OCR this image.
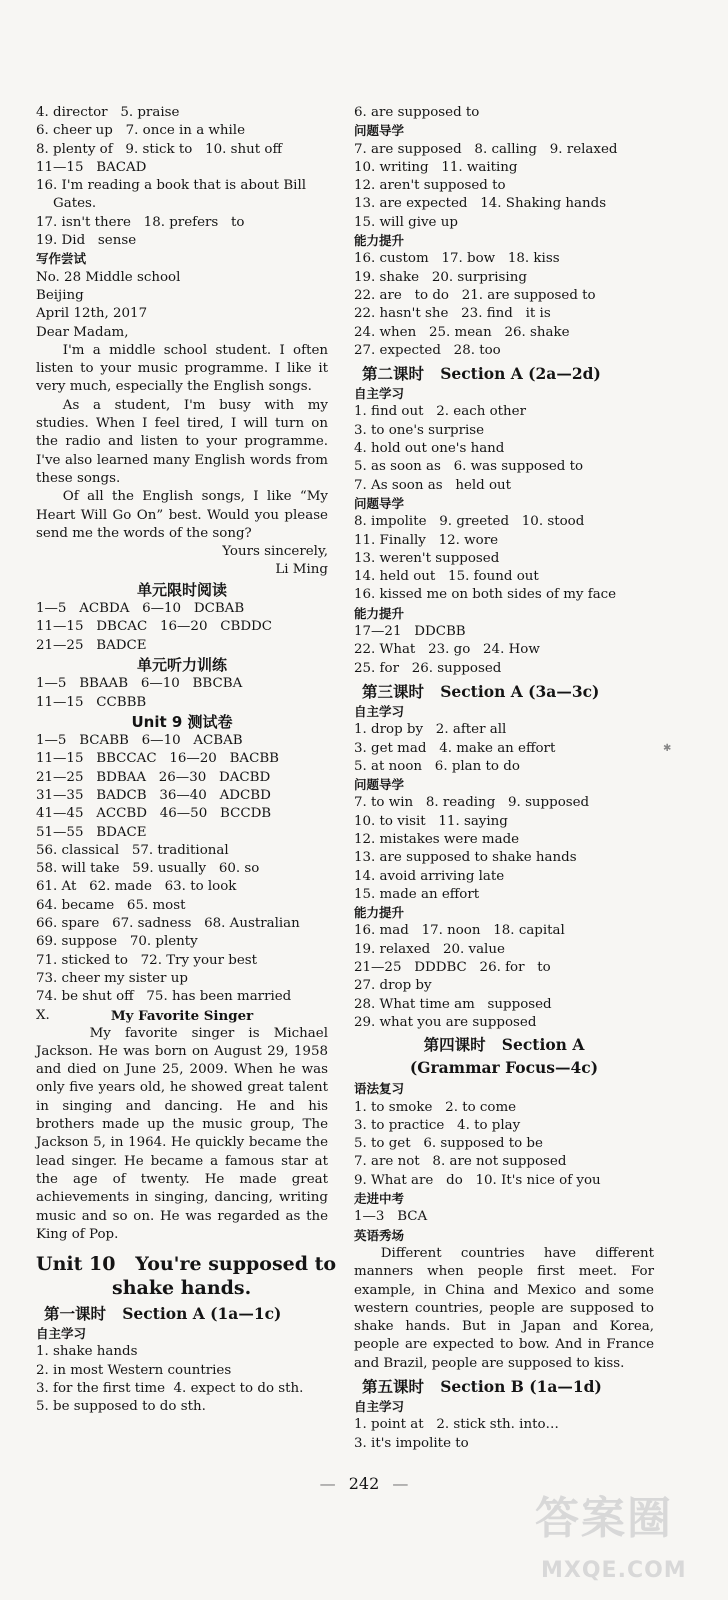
4. director   5. praise

6. cheer up   7. once in a while

8. plenty of   9. stick to   10. shut off

11—15   BACAD

16. I'm reading a book that is about Bill

Gates.

17. isn't there   18. prefers   to

19. Did   sense

写作尝试

No. 28 Middle school

Beijing

April 12th, 2017

Dear Madam,

I'm a middle school student. I often listen to your music programme. I like it very much, especially the English songs.

As a student, I'm busy with my studies. When I feel tired, I will turn on the radio and listen to your programme. I've also learned many English words from these songs.

Of all the English songs, I like “My Heart Will Go On” best. Would you please send me the words of the song?

Yours sincerely,

Li Ming

单元限时阅读

1—5   ACBDA   6—10   DCBAB

11—15   DBCAC   16—20   CBDDC

21—25   BADCE

单元听力训练

1—5   BBAAB   6—10   BBCBA

11—15   CCBBB

Unit 9 测试卷

1—5   BCABB   6—10   ACBAB

11—15   BBCCAC   16—20   BACBB

21—25   BDBAA   26—30   DACBD

31—35   BADCB   36—40   ADCBD

41—45   ACCBD   46—50   BCCDB

51—55   BDACE

56. classical   57. traditional

58. will take   59. usually   60. so

61. At   62. made   63. to look

64. became   65. most

66. spare   67. sadness   68. Australian

69. suppose   70. plenty

71. sticked to   72. Try your best

73. cheer my sister up

74. be shut off   75. has been married

X.	My Favorite Singer

My favorite singer is Michael Jackson. He was born on August 29, 1958 and died on June 25, 2009. When he was only five years old, he showed great talent in singing and dancing. He and his brothers made up the music group, The Jackson 5, in 1964. He quickly became the lead singer. He became a famous star at the age of twenty. He made great achievements in singing, dancing, writing music and so on. He was regarded as the King of Pop.

Unit 10   You're supposed to
shake hands.

第一课时   Section A (1a—1c)

自主学习

1. shake hands

2. in most Western countries

3. for the first time  4. expect to do sth.

5. be supposed to do sth.

6. are supposed to

问题导学

7. are supposed   8. calling   9. relaxed

10. writing   11. waiting

12. aren't supposed to

13. are expected   14. Shaking hands

15. will give up

能力提升

16. custom   17. bow   18. kiss

19. shake   20. surprising

22. are   to do   21. are supposed to

22. hasn't she   23. find   it is

24. when   25. mean   26. shake

27. expected   28. too

第二课时   Section A (2a—2d)

自主学习

1. find out   2. each other

3. to one's surprise

4. hold out one's hand

5. as soon as   6. was supposed to

7. As soon as   held out

问题导学

8. impolite   9. greeted   10. stood

11. Finally   12. wore

13. weren't supposed

14. held out   15. found out

16. kissed me on both sides of my face

能力提升

17—21   DDCBB

22. What   23. go   24. How

25. for   26. supposed

第三课时   Section A (3a—3c)

自主学习

1. drop by   2. after all

3. get mad   4. make an effort

5. at noon   6. plan to do

问题导学

7. to win   8. reading   9. supposed

10. to visit   11. saying

12. mistakes were made

13. are supposed to shake hands

14. avoid arriving late

15. made an effort

能力提升

16. mad   17. noon   18. capital

19. relaxed   20. value

21—25   DDDBC   26. for   to

27. drop by

28. What time am   supposed

29. what you are supposed

第四课时   Section A

(Grammar Focus—4c)

语法复习

1. to smoke   2. to come

3. to practice   4. to play

5. to get   6. supposed to be

7. are not   8. are not supposed

9. What are   do   10. It's nice of you

走进中考

1—3   BCA

英语秀场

Different countries have different manners when people first meet. For example, in China and Mexico and some western countries, people are supposed to shake hands. But in Japan and Korea, people are expected to bow. And in France and Brazil, people are supposed to kiss.

第五课时   Section B (1a—1d)

自主学习

1. point at   2. stick sth. into…

3. it's impolite to

✱
— 242 —
答案圈
MXQE.COM
